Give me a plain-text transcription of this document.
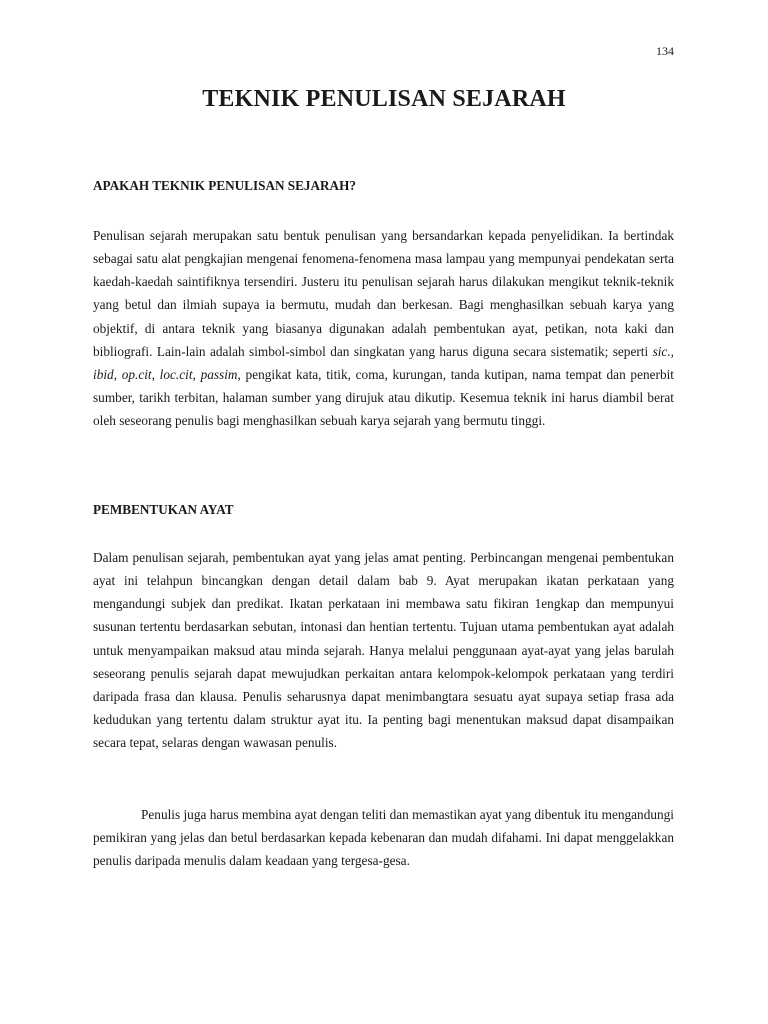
134
TEKNIK PENULISAN SEJARAH
APAKAH TEKNIK PENULISAN SEJARAH?

Penulisan sejarah merupakan satu bentuk penulisan yang bersandarkan kepada penyelidikan. Ia bertindak sebagai satu alat pengkajian mengenai fenomena-fenomena masa lampau yang mempunyai pendekatan serta kaedah-kaedah saintifiknya tersendiri. Justeru itu penulisan sejarah harus dilakukan mengikut teknik-teknik yang betul dan ilmiah supaya ia bermutu, mudah dan berkesan. Bagi menghasilkan sebuah karya yang objektif, di antara teknik yang biasanya digunakan adalah pembentukan ayat, petikan, nota kaki dan bibliografi. Lain-lain adalah simbol-simbol dan singkatan yang harus diguna secara sistematik; seperti sic., ibid, op.cit, loc.cit, passim, pengikat kata, titik, coma, kurungan, tanda kutipan, nama tempat dan penerbit sumber, tarikh terbitan, halaman sumber yang dirujuk atau dikutip. Kesemua teknik ini harus diambil berat oleh seseorang penulis bagi menghasilkan sebuah karya sejarah yang bermutu tinggi.

PEMBENTUKAN AYAT

Dalam penulisan sejarah, pembentukan ayat yang jelas amat penting. Perbincangan mengenai pembentukan ayat ini telahpun bincangkan dengan detail dalam bab 9. Ayat merupakan ikatan perkataan yang mengandungi subjek dan predikat. Ikatan perkataan ini membawa satu fikiran 1engkap dan mempunyui susunan tertentu berdasarkan sebutan, intonasi dan hentian tertentu. Tujuan utama pembentukan ayat adalah untuk menyampaikan maksud atau minda sejarah. Hanya melalui penggunaan ayat-ayat yang jelas barulah seseorang penulis sejarah dapat mewujudkan perkaitan antara kelompok-kelompok perkataan yang terdiri daripada frasa dan klausa. Penulis seharusnya dapat menimbangtara sesuatu ayat supaya setiap frasa ada kedudukan yang tertentu dalam struktur ayat itu. Ia penting bagi menentukan maksud dapat disampaikan secara tepat, selaras dengan wawasan penulis.

Penulis juga harus membina ayat dengan teliti dan memastikan ayat yang dibentuk itu mengandungi pemikiran yang jelas dan betul berdasarkan kepada kebenaran dan mudah difahami. Ini dapat menggelakkan penulis daripada menulis dalam keadaan yang tergesa-gesa.
